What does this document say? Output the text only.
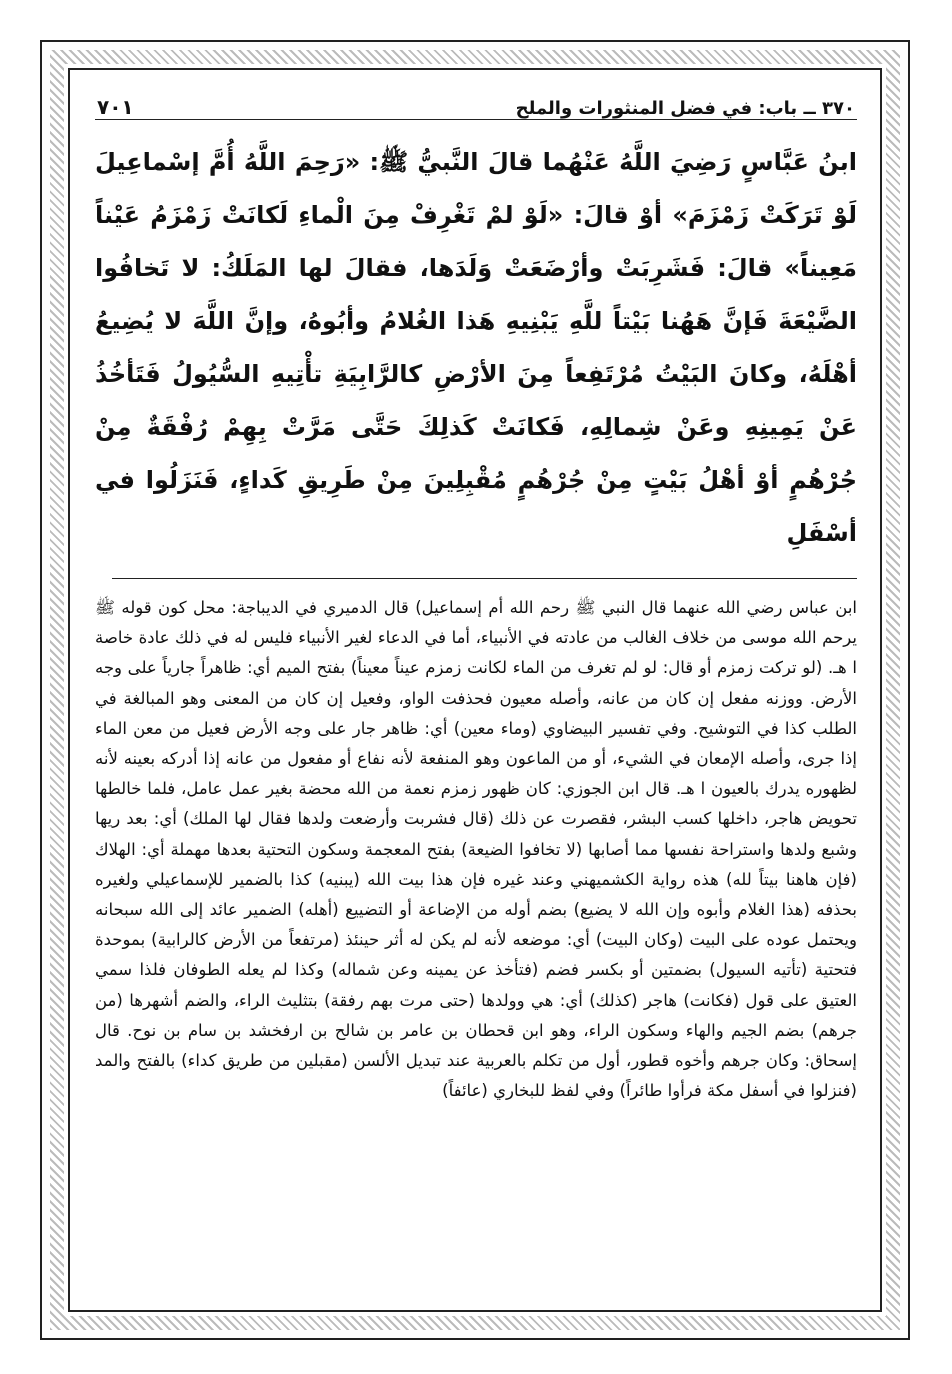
٣٧٠ ــ باب: في فضل المنثورات والملح
٧٠١

ابنُ عَبَّاسٍ رَضِيَ اللَّهُ عَنْهُما قالَ النَّبيُّ ﷺ: «رَحِمَ اللَّهُ أُمَّ إسْماعِيلَ لَوْ تَرَكَتْ زَمْزَمَ» أوْ قالَ: «لَوْ لمْ تَغْرِفْ مِنَ الْماءِ لَكانَتْ زَمْزَمُ عَيْناً مَعِيناً» قالَ: فَشَرِبَتْ وأرْضَعَتْ وَلَدَها، فقالَ لها المَلَكُ: لا تَخافُوا الضَّيْعَةَ فَإنَّ هَهُنا بَيْتاً للَّهِ يَبْنِيهِ هَذا الغُلامُ وأبُوهُ، وإنَّ اللَّهَ لا يُضِيعُ أهْلَهُ، وكانَ البَيْتُ مُرْتَفِعاً مِنَ الأرْضِ كالرَّابِيَةِ تأْتِيهِ السُّيُولُ فَتَأخُذُ عَنْ يَمِينِهِ وعَنْ شِمالِهِ، فَكانَتْ كَذلِكَ حَتَّى مَرَّتْ بِهِمْ رُفْقَةٌ مِنْ جُرْهُمٍ أوْ أهْلُ بَيْتٍ مِنْ جُرْهُمٍ مُقْبِلِينَ مِنْ طَرِيقِ كَداءٍ، فَنَزَلُوا في أسْفَلِ

ابن عباس رضي الله عنهما قال النبي ﷺ رحم الله أم إسماعيل) قال الدميري في الديباجة: محل كون قوله ﷺ يرحم الله موسى من خلاف الغالب من عادته في الأنبياء، أما في الدعاء لغير الأنبياء فليس له في ذلك عادة خاصة ا هـ. (لو تركت زمزم أو قال: لو لم تغرف من الماء لكانت زمزم عيناً معيناً) بفتح الميم أي: ظاهراً جارياً على وجه الأرض. ووزنه مفعل إن كان من عانه، وأصله معيون فحذفت الواو، وفعيل إن كان من المعنى وهو المبالغة في الطلب كذا في التوشيح. وفي تفسير البيضاوي (وماء معين) أي: ظاهر جار على وجه الأرض فعيل من معن الماء إذا جرى، وأصله الإمعان في الشيء، أو من الماعون وهو المنفعة لأنه نفاع أو مفعول من عانه إذا أدركه بعينه لأنه لظهوره يدرك بالعيون ا هـ. قال ابن الجوزي: كان ظهور زمزم نعمة من الله محضة بغير عمل عامل، فلما خالطها تحويض هاجر، داخلها كسب البشر، فقصرت عن ذلك (قال فشربت وأرضعت ولدها فقال لها الملك) أي: بعد ريها وشبع ولدها واستراحة نفسها مما أصابها (لا تخافوا الضيعة) بفتح المعجمة وسكون التحتية بعدها مهملة أي: الهلاك (فإن هاهنا بيتاً لله) هذه رواية الكشميهني وعند غيره فإن هذا بيت الله (يبنيه) كذا بالضمير للإسماعيلي ولغيره بحذفه (هذا الغلام وأبوه وإن الله لا يضيع) بضم أوله من الإضاعة أو التضييع (أهله) الضمير عائد إلى الله سبحانه ويحتمل عوده على البيت (وكان البيت) أي: موضعه لأنه لم يكن له أثر حينئذ (مرتفعاً من الأرض كالرابية) بموحدة فتحتية (تأتيه السيول) بضمتين أو بكسر فضم (فتأخذ عن يمينه وعن شماله) وكذا لم يعله الطوفان فلذا سمي العتيق على قول (فكانت) هاجر (كذلك) أي: هي وولدها (حتى مرت بهم رفقة) بتثليث الراء، والضم أشهرها (من جرهم) بضم الجيم والهاء وسكون الراء، وهو ابن قحطان بن عامر بن شالح بن ارفخشد بن سام بن نوح. قال إسحاق: وكان جرهم وأخوه قطور، أول من تكلم بالعربية عند تبديل الألسن (مقبلين من طريق كداء) بالفتح والمد (فنزلوا في أسفل مكة فرأوا طائراً) وفي لفظ للبخاري (عائفاً)
